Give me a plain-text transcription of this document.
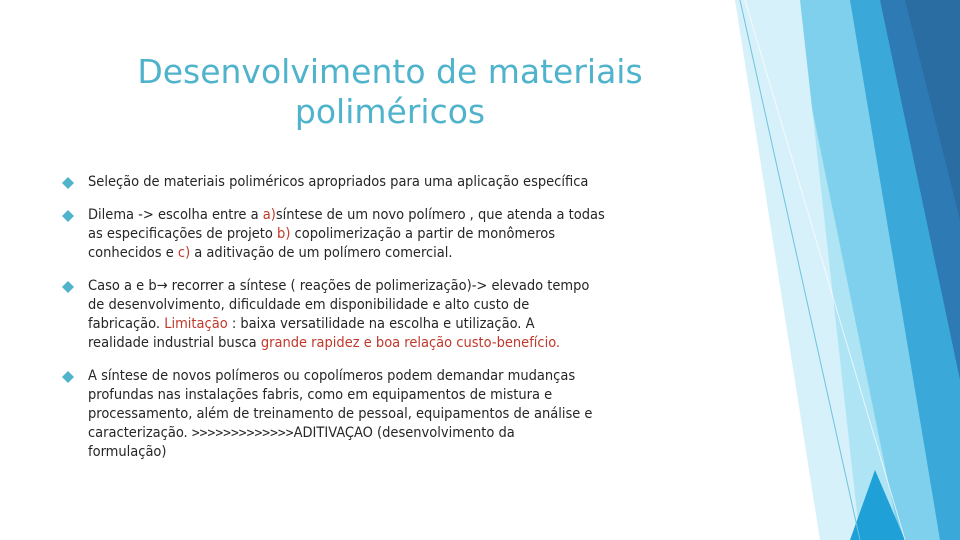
Desenvolvimento de materiais
poliméricos
Seleção de materiais poliméricos apropriados para uma aplicação específica
Dilema -> escolha entre a a)síntese de um novo polímero , que atenda a todas
as especificações de projeto b) copolimerização a partir de monômeros
conhecidos e c) a aditivação de um polímero comercial.
Caso a e b→ recorrer a síntese ( reações de polimerização)-> elevado tempo
de desenvolvimento, dificuldade em disponibilidade e alto custo de
fabricação. Limitação : baixa versatilidade na escolha e utilização. A
realidade industrial busca grande rapidez e boa relação custo-benefício.
A síntese de novos polímeros ou copolímeros podem demandar mudanças
profundas nas instalações fabris, como em equipamentos de mistura e
processamento, além de treinamento de pessoal, equipamentos de análise e
caracterização. >>>>>>>>>>>>>ADITIVAÇAO (desenvolvimento da
formulação)
